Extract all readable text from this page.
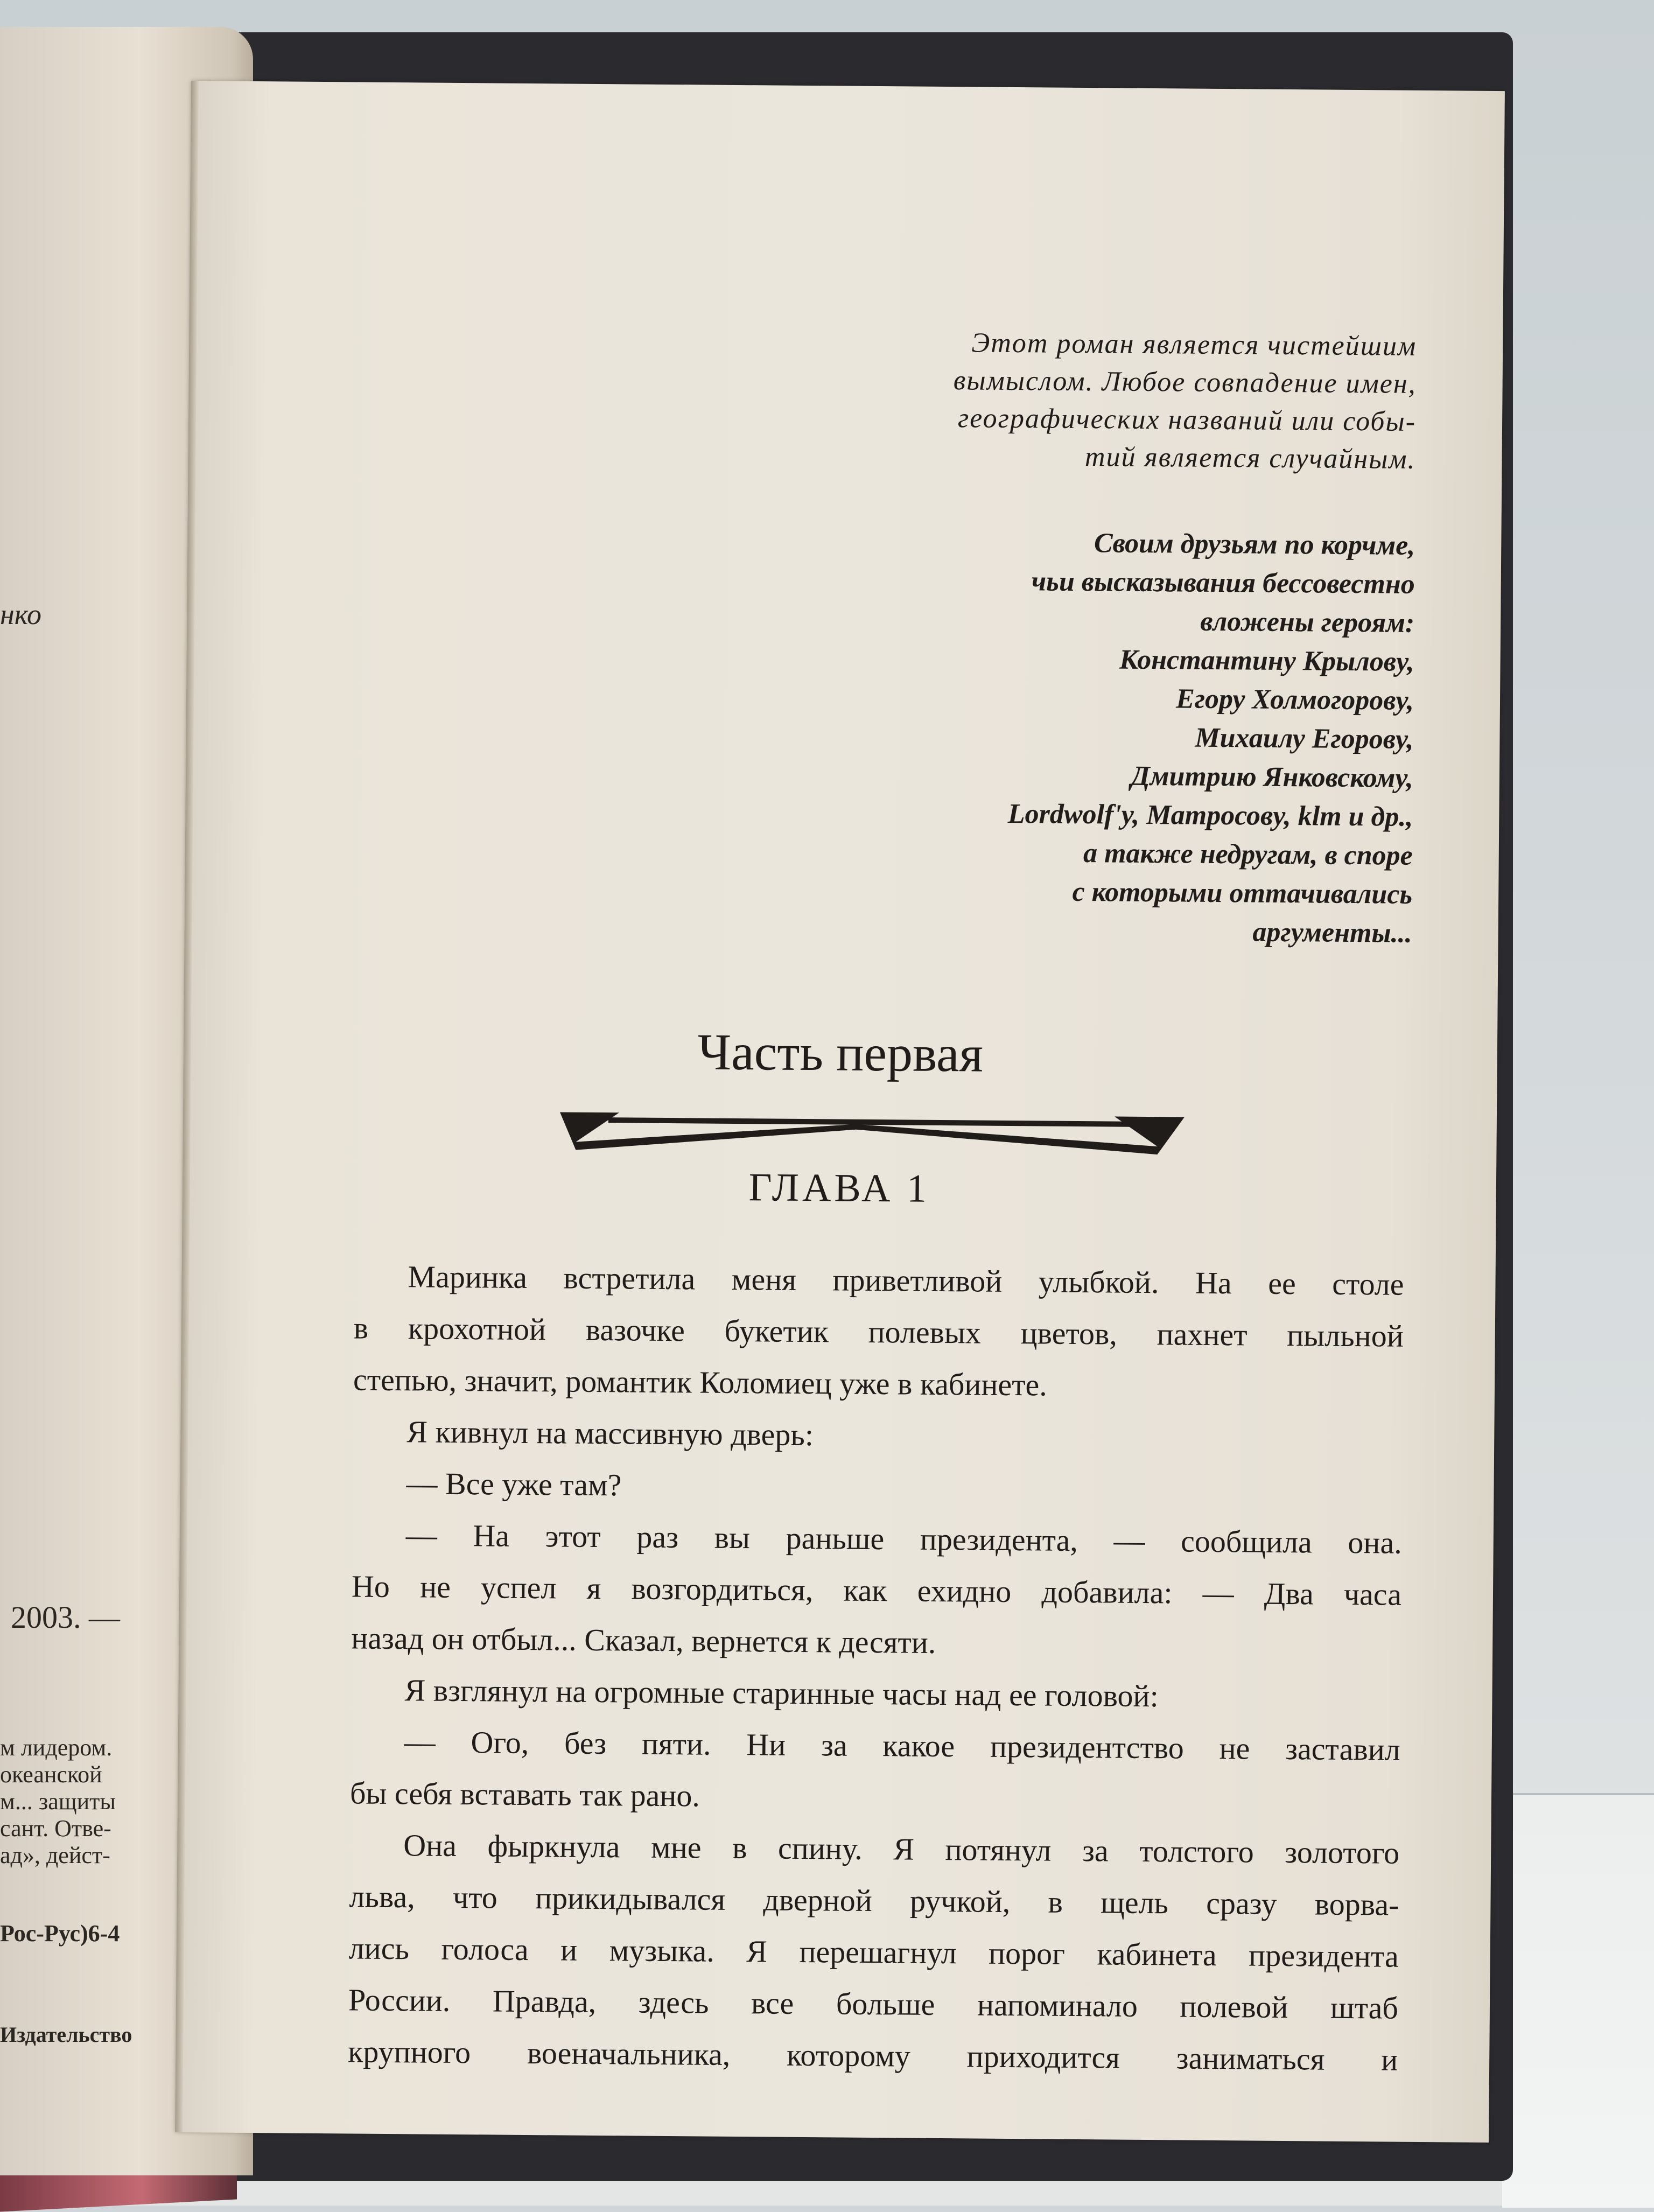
нко
2003. —
м лидером.
океанской
м... защиты
сант. Отве-
ад», дейст-
Рос-Рус)6-4
Издательство
Этот роман является чистейшим
вымыслом. Любое совпадение имен,
географических названий или собы-
тий является случайным.
Своим друзьям по корчме,
чьи высказывания бессовестно
вложены героям:
Константину Крылову,
Егору Холмогорову,
Михаилу Егорову,
Дмитрию Янковскому,
Lordwolf'у, Матросову, klm и др.,
а также недругам, в споре
с которыми оттачивались
аргументы...
Часть первая
ГЛАВА 1
Маринка встретила меня приветливой улыбкой. На ее столе
в крохотной вазочке букетик полевых цветов, пахнет пыльной
степью, значит, романтик Коломиец уже в кабинете.
Я кивнул на массивную дверь:
— Все уже там?
— На этот раз вы раньше президента, — сообщила она.
Но не успел я возгордиться, как ехидно добавила: — Два часа
назад он отбыл... Сказал, вернется к десяти.
Я взглянул на огромные старинные часы над ее головой:
— Ого, без пяти. Ни за какое президентство не заставил
бы себя вставать так рано.
Она фыркнула мне в спину. Я потянул за толстого золотого
льва, что прикидывался дверной ручкой, в щель сразу ворва-
лись голоса и музыка. Я перешагнул порог кабинета президента
России. Правда, здесь все больше напоминало полевой штаб
крупного военачальника, которому приходится заниматься и
